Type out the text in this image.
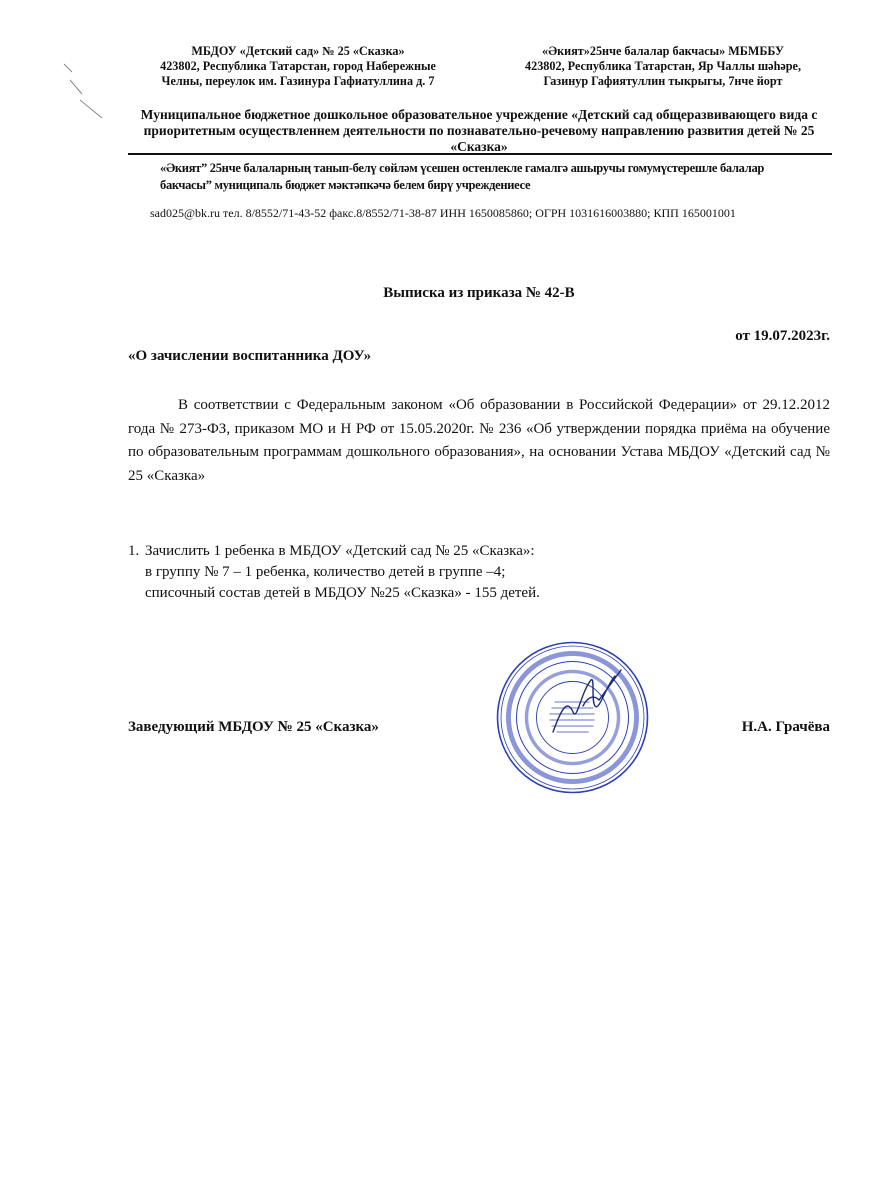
МБДОУ «Детский сад» № 25 «Сказка»
423802, Республика Татарстан, город Набережные
Челны, переулок им. Газинура Гафиатуллина д. 7
«Әкият»25нче балалар бакчасы» МБМББУ
423802, Республика Татарстан, Яр Чаллы шәһәре,
Газинур Гафиятуллин тыкрыгы, 7нче йорт
Муниципальное бюджетное дошкольное образовательное учреждение «Детский сад общеразвивающего вида с приоритетным осуществленнем деятельности по познавательно-речевому направлению развития детей № 25 «Сказка»
«Әкият” 25нче балаларның танып-белү сөйләм үсешен остенлекле гамалгә ашыручы гомумүстерешле балалар бакчасы” муниципаль бюджет мәктәпкәчә белем бирү учреждениесе
sad025@bk.ru тел. 8/8552/71-43-52 факс.8/8552/71-38-87 ИНН 1650085860; ОГРН 1031616003880; КПП 165001001
Выписка из приказа № 42-В
от 19.07.2023г.
«О зачислении воспитанника ДОУ»
В соответствии с Федеральным законом «Об образовании в Российской Федерации» от 29.12.2012 года № 273-ФЗ, приказом МО и Н РФ от 15.05.2020г. № 236 «Об утверждении порядка приёма на обучение по образовательным программам дошкольного образования», на основании Устава МБДОУ «Детский сад № 25 «Сказка»
1. Зачислить 1 ребенка в МБДОУ «Детский сад № 25 «Сказка»:
в группу № 7 – 1 ребенка, количество детей в группе –4;
списочный состав детей в МБДОУ №25 «Сказка» - 155 детей.
Заведующий МБДОУ № 25 «Сказка»	Н.А. Грачёва
